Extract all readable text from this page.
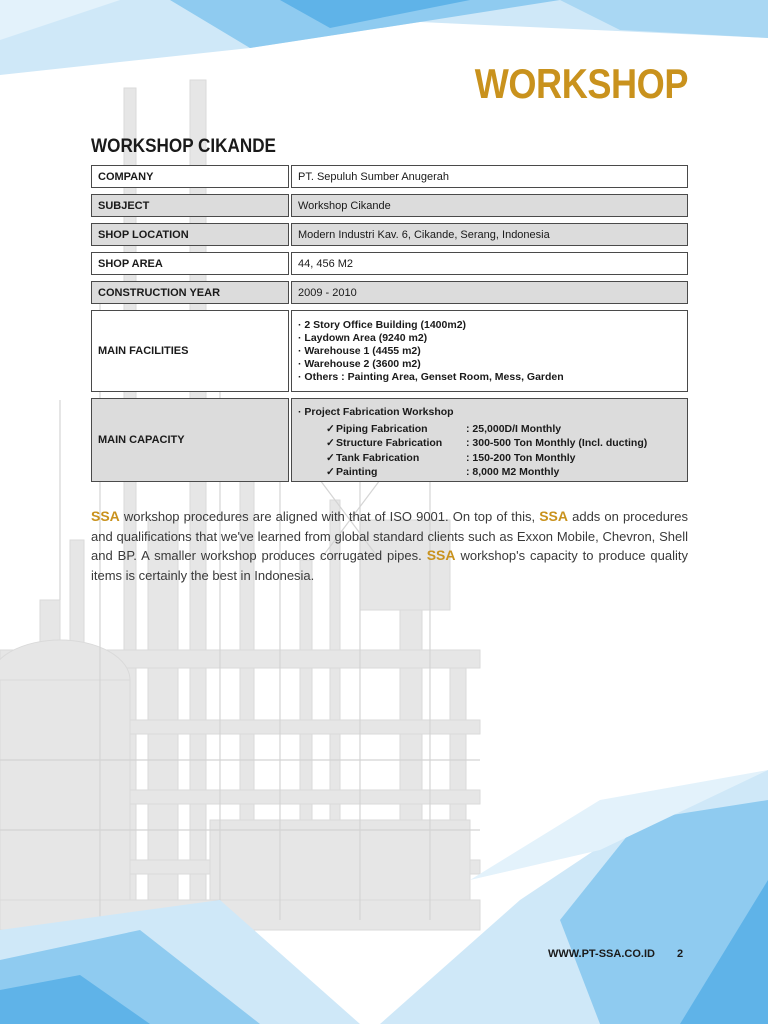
WORKSHOP
WORKSHOP CIKANDE
COMPANY	PT. Sepuluh Sumber Anugerah
SUBJECT	Workshop Cikande
SHOP LOCATION	Modern Industri Kav. 6, Cikande, Serang, Indonesia
SHOP AREA	44, 456 M2
CONSTRUCTION YEAR	2009 - 2010
MAIN FACILITIES
· 2 Story Office Building (1400m2)
· Laydown Area (9240 m2)
· Warehouse 1 (4455 m2)
· Warehouse 2 (3600 m2)
· Others : Painting Area, Genset Room, Mess, Garden
MAIN CAPACITY
· Project Fabrication Workshop
✓ Piping Fabrication	: 25,000D/I Monthly
✓ Structure Fabrication	: 300-500 Ton Monthly (Incl. ducting)
✓ Tank Fabrication	: 150-200 Ton Monthly
✓ Painting	: 8,000 M2 Monthly

SSA workshop procedures are aligned with that of ISO 9001. On top of this, SSA adds on procedures and qualifications that we've learned from global standard clients such as Exxon Mobile, Chevron, Shell and BP. A smaller workshop produces corrugated pipes. SSA workshop's capacity to produce quality items is certainly the best in Indonesia.

WWW.PT-SSA.CO.ID 2
